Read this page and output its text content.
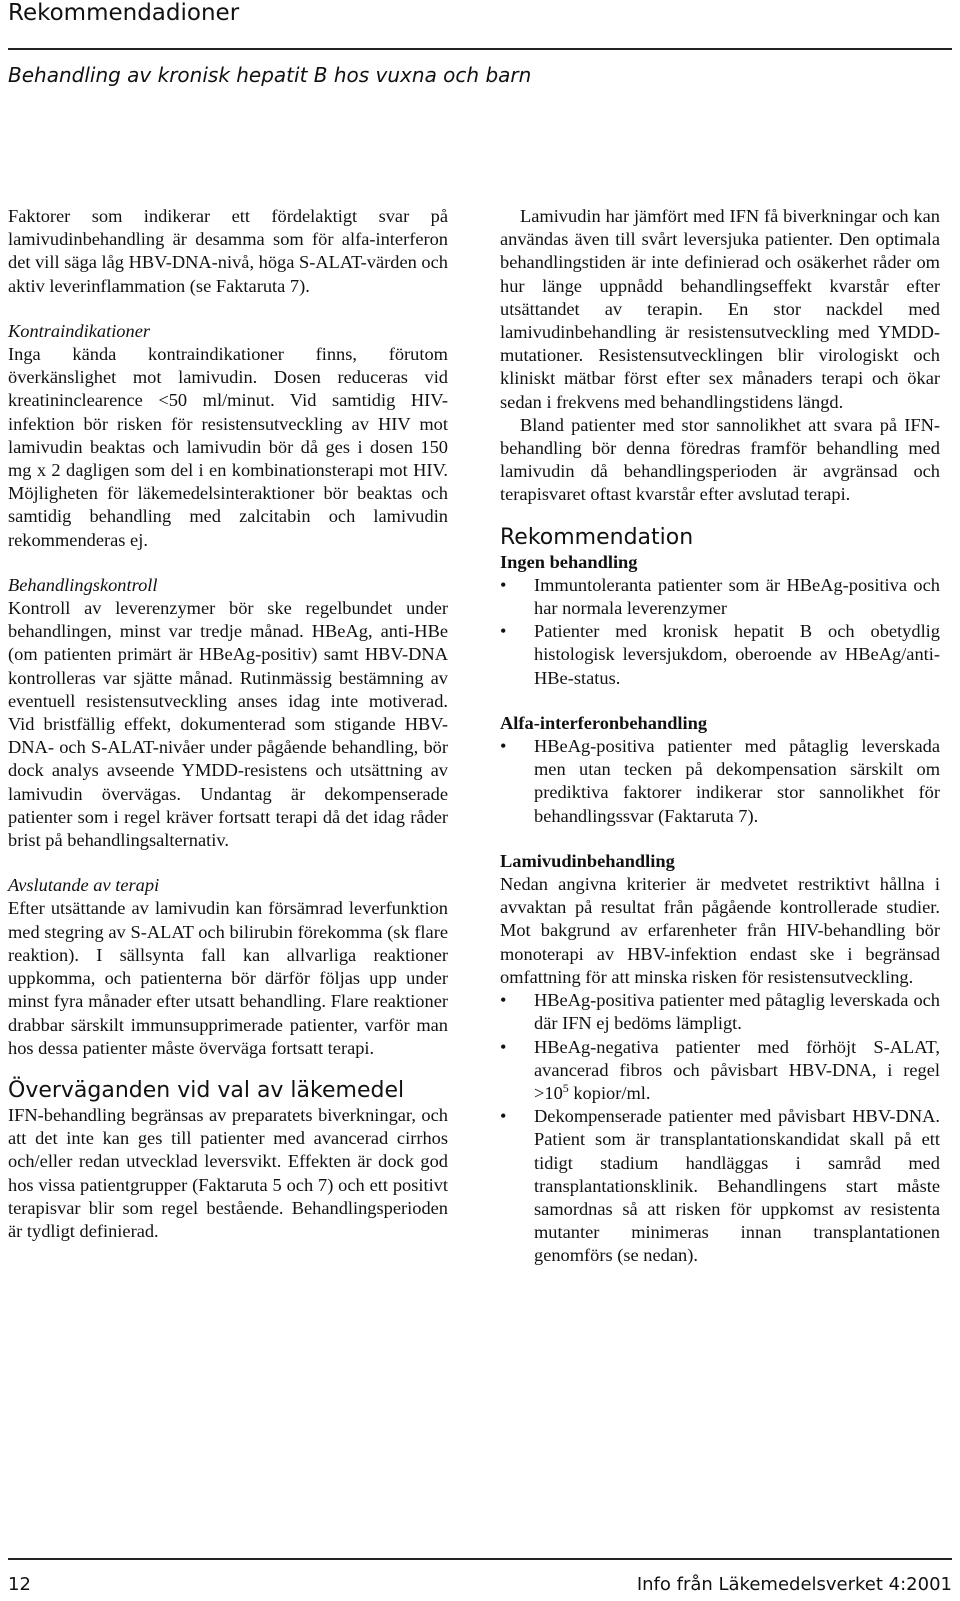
Rekommendadioner
Behandling av kronisk hepatit B hos vuxna och barn

Faktorer som indikerar ett fördelaktigt svar på lamivudinbehandling är desamma som för alfa-interferon det vill säga låg HBV-DNA-nivå, höga S-ALAT-värden och aktiv leverinflammation (se Faktaruta 7).

Kontraindikationer

Inga kända kontraindikationer finns, förutom överkänslighet mot lamivudin. Dosen reduceras vid kreatininclearence <50 ml/minut. Vid samtidig HIV-infektion bör risken för resistensutveckling av HIV mot lamivudin beaktas och lamivudin bör då ges i dosen 150 mg x 2 dagligen som del i en kombinationsterapi mot HIV. Möjligheten för läkemedelsinteraktioner bör beaktas och samtidig behandling med zalcitabin och lamivudin rekommenderas ej.

Behandlingskontroll

Kontroll av leverenzymer bör ske regelbundet under behandlingen, minst var tredje månad. HBeAg, anti-HBe (om patienten primärt är HBeAg-positiv) samt HBV-DNA kontrolleras var sjätte månad. Rutinmässig bestämning av eventuell resistensutveckling anses idag inte motiverad. Vid bristfällig effekt, dokumenterad som stigande HBV-DNA- och S-ALAT-nivåer under pågående behandling, bör dock analys avseende YMDD-resistens och utsättning av lamivudin övervägas. Undantag är dekompenserade patienter som i regel kräver fortsatt terapi då det idag råder brist på behandlingsalternativ.

Avslutande av terapi

Efter utsättande av lamivudin kan försämrad leverfunktion med stegring av S-ALAT och bilirubin förekomma (sk flare reaktion). I sällsynta fall kan allvarliga reaktioner uppkomma, och patienterna bör därför följas upp under minst fyra månader efter utsatt behandling. Flare reaktioner drabbar särskilt immunsupprimerade patienter, varför man hos dessa patienter måste överväga fortsatt terapi.

Överväganden vid val av läkemedel

IFN-behandling begränsas av preparatets biverkningar, och att det inte kan ges till patienter med avancerad cirrhos och/eller redan utvecklad leversvikt. Effekten är dock god hos vissa patientgrupper (Faktaruta 5 och 7) och ett positivt terapisvar blir som regel bestående. Behandlingsperioden är tydligt definierad.

Lamivudin har jämfört med IFN få biverkningar och kan användas även till svårt leversjuka patienter. Den optimala behandlingstiden är inte definierad och osäkerhet råder om hur länge uppnådd behandlingseffekt kvarstår efter utsättandet av terapin. En stor nackdel med lamivudinbehandling är resistensutveckling med YMDD-mutationer. Resistensutvecklingen blir virologiskt och kliniskt mätbar först efter sex månaders terapi och ökar sedan i frekvens med behandlingstidens längd.

Bland patienter med stor sannolikhet att svara på IFN-behandling bör denna föredras framför behandling med lamivudin då behandlingsperioden är avgränsad och terapisvaret oftast kvarstår efter avslutad terapi.

Rekommendation
Ingen behandling
• Immuntoleranta patienter som är HBeAg-positiva och har normala leverenzymer
• Patienter med kronisk hepatit B och obetydlig histologisk leversjukdom, oberoende av HBeAg/anti-HBe-status.
Alfa-interferonbehandling
• HBeAg-positiva patienter med påtaglig leverskada men utan tecken på dekompensation särskilt om prediktiva faktorer indikerar stor sannolikhet för behandlingssvar (Faktaruta 7).
Lamivudinbehandling

Nedan angivna kriterier är medvetet restriktivt hållna i avvaktan på resultat från pågående kontrollerade studier. Mot bakgrund av erfarenheter från HIV-behandling bör monoterapi av HBV-infektion endast ske i begränsad omfattning för att minska risken för resistensutveckling.

• HBeAg-positiva patienter med påtaglig leverskada och där IFN ej bedöms lämpligt.
• HBeAg-negativa patienter med förhöjt S-ALAT, avancerad fibros och påvisbart HBV-DNA, i regel $>10^5$ kopior/ml.
• Dekompenserade patienter med påvisbart HBV-DNA. Patient som är transplantationskandidat skall på ett tidigt stadium handläggas i samråd med transplantationsklinik. Behandlingens start måste samordnas så att risken för uppkomst av resistenta mutanter minimeras innan transplantationen genomförs (se nedan).
12	Info från Läkemedelsverket 4:2001
